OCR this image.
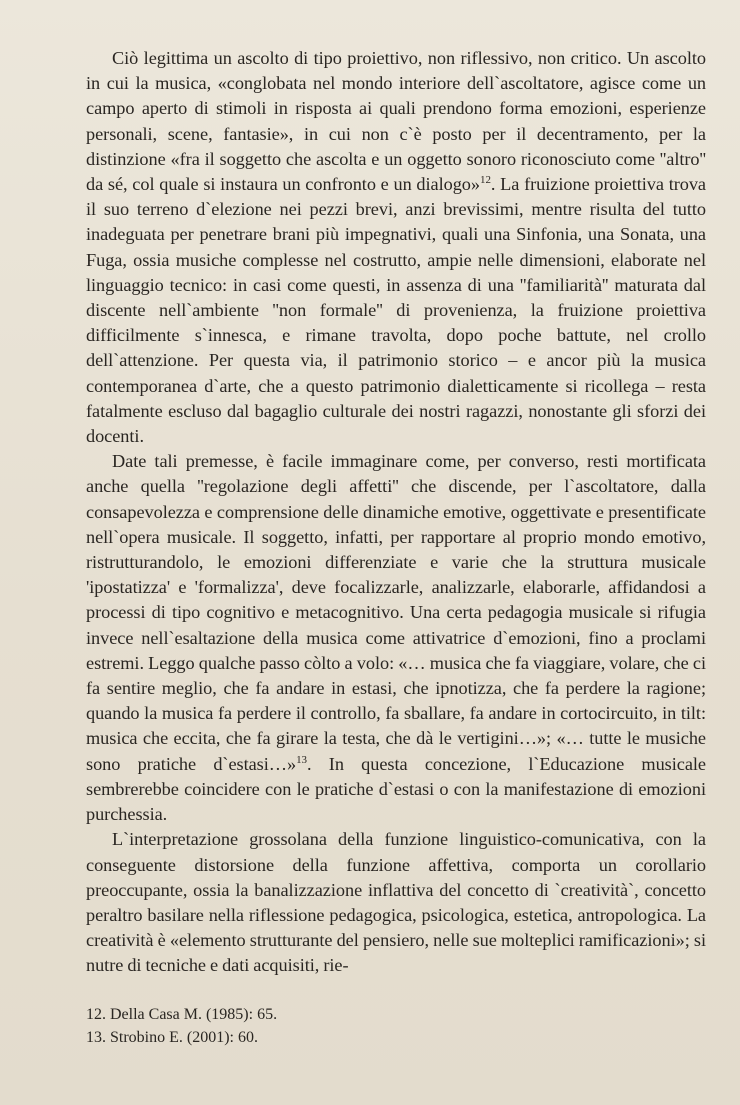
Ciò legittima un ascolto di tipo proiettivo, non riflessivo, non critico. Un ascolto in cui la musica, «conglobata nel mondo interiore dell`ascoltatore, agisce come un campo aperto di stimoli in risposta ai quali prendono forma emozioni, esperienze personali, scene, fantasie», in cui non c`è posto per il decentramento, per la distinzione «fra il soggetto che ascolta e un oggetto sonoro riconosciuto come ''altro'' da sé, col quale si instaura un confronto e un dialogo»$^{12}$. La fruizione proiettiva trova il suo terreno d`elezione nei pezzi brevi, anzi brevissimi, mentre risulta del tutto inadeguata per penetrare brani più impegnativi, quali una Sinfonia, una Sonata, una Fuga, ossia musiche complesse nel costrutto, ampie nelle dimensioni, elaborate nel linguaggio tecnico: in casi come questi, in assenza di una ''familiarità'' maturata dal discente nell`ambiente ''non formale'' di provenienza, la fruizione proiettiva difficilmente s`innesca, e rimane travolta, dopo poche battute, nel crollo dell`attenzione. Per questa via, il patrimonio storico – e ancor più la musica contemporanea d`arte, che a questo patrimonio dialetticamente si ricollega – resta fatalmente escluso dal bagaglio culturale dei nostri ragazzi, nonostante gli sforzi dei docenti.

Date tali premesse, è facile immaginare come, per converso, resti mortificata anche quella ''regolazione degli affetti'' che discende, per l`ascoltatore, dalla consapevolezza e comprensione delle dinamiche emotive, oggettivate e presentificate nell`opera musicale. Il soggetto, infatti, per rapportare al proprio mondo emotivo, ristrutturandolo, le emozioni differenziate e varie che la struttura musicale 'ipostatizza' e 'formalizza', deve focalizzarle, analizzarle, elaborarle, affidandosi a processi di tipo cognitivo e metacognitivo. Una certa pedagogia musicale si rifugia invece nell`esaltazione della musica come attivatrice d`emozioni, fino a proclami estremi. Leggo qualche passo còlto a volo: «… musica che fa viaggiare, volare, che ci fa sentire meglio, che fa andare in estasi, che ipnotizza, che fa perdere la ragione; quando la musica fa perdere il controllo, fa sballare, fa andare in cortocircuito, in tilt: musica che eccita, che fa girare la testa, che dà le vertigini…»; «… tutte le musiche sono pratiche d`estasi…»$^{13}$. In questa concezione, l`Educazione musicale sembrerebbe coincidere con le pratiche d`estasi o con la manifestazione di emozioni purchessia.

L`interpretazione grossolana della funzione linguistico-comunicativa, con la conseguente distorsione della funzione affettiva, comporta un corollario preoccupante, ossia la banalizzazione inflattiva del concetto di `creatività`, concetto peraltro basilare nella riflessione pedagogica, psicologica, estetica, antropologica. La creatività è «elemento strutturante del pensiero, nelle sue molteplici ramificazioni»; si nutre di tecniche e dati acquisiti, rie-

12. Della Casa M. (1985): 65.

13. Strobino E. (2001): 60.
